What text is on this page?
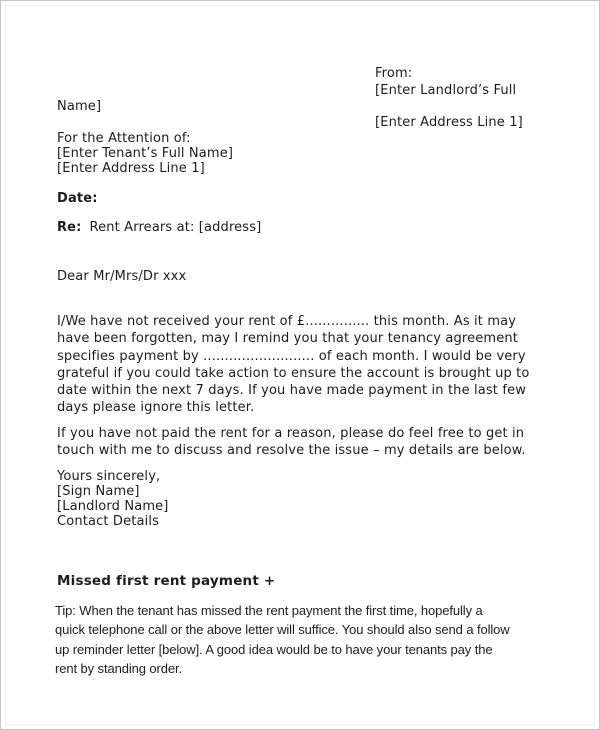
From:
[Enter Landlord’s Full
Name]
[Enter Address Line 1]
For the Attention of:
[Enter Tenant’s Full Name]
[Enter Address Line 1]
Date:
Re: Rent Arrears at: [address]
Dear Mr/Mrs/Dr xxx
I/We have not received your rent of £............... this month. As it may
have been forgotten, may I remind you that your tenancy agreement
specifies payment by .......................... of each month. I would be very
grateful if you could take action to ensure the account is brought up to
date within the next 7 days. If you have made payment in the last few
days please ignore this letter.
If you have not paid the rent for a reason, please do feel free to get in
touch with me to discuss and resolve the issue – my details are below.
Yours sincerely,
[Sign Name]
[Landlord Name]
Contact Details
Missed first rent payment +
Tip: When the tenant has missed the rent payment the first time, hopefully a
quick telephone call or the above letter will suffice. You should also send a follow
up reminder letter [below]. A good idea would be to have your tenants pay the
rent by standing order.
